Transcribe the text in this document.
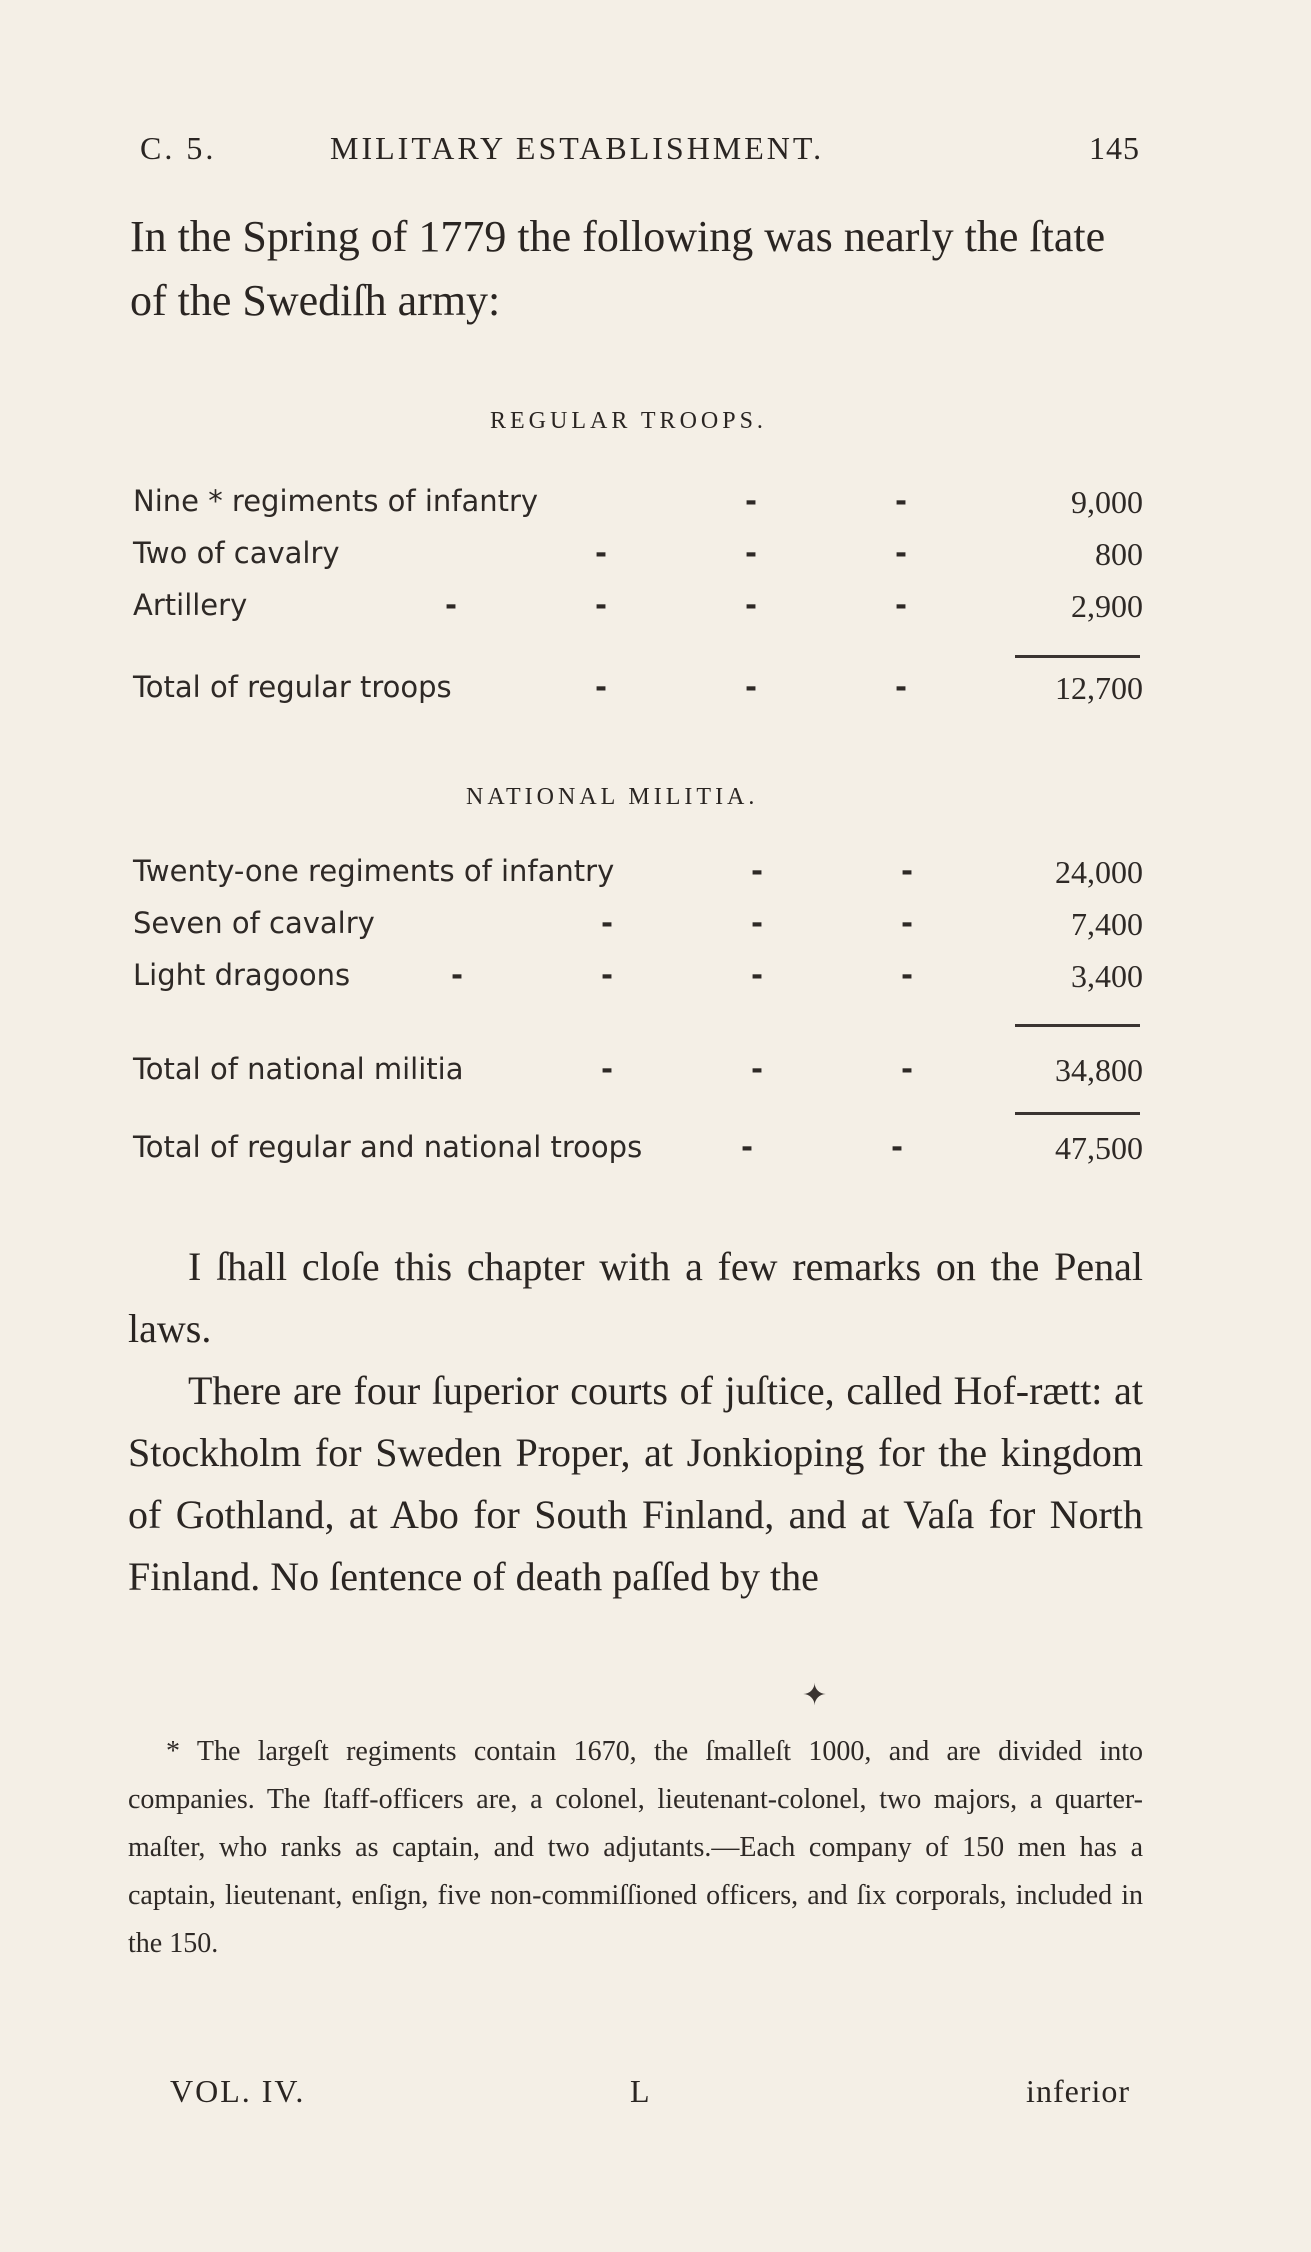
C. 5.	MILITARY ESTABLISHMENT.	145
In the Spring of 1779 the following was nearly the ſtate of the Swediſh army:
REGULAR TROOPS.
Nine * regiments of infantry	-	-	9,000
Two of cavalry	-	-	-	800
Artillery	-	-	-	-	2,900
Total of regular troops	-	-	-	12,700
NATIONAL MILITIA.
Twenty-one regiments of infantry	-	-	24,000
Seven of cavalry	-	-	-	7,400
Light dragoons	-	-	-	-	3,400
Total of national militia	-	-	-	34,800
Total of regular and national troops	-	-	47,500

I ſhall cloſe this chapter with a few remarks on the Penal laws.

There are four ſuperior courts of juſtice, called Hof-rætt: at Stockholm for Sweden Proper, at Jonkioping for the kingdom of Gothland, at Abo for South Finland, and at Vaſa for North Finland. No ſentence of death paſſed by the

✦
* The largeſt regiments contain 1670, the ſmalleſt 1000, and are divided into companies. The ſtaff-officers are, a colonel, lieutenant-colonel, two majors, a quarter-maſter, who ranks as captain, and two adjutants.—Each company of 150 men has a captain, lieutenant, enſign, five non-commiſſioned officers, and ſix corporals, included in the 150.
VOL. IV.	L	inferior
